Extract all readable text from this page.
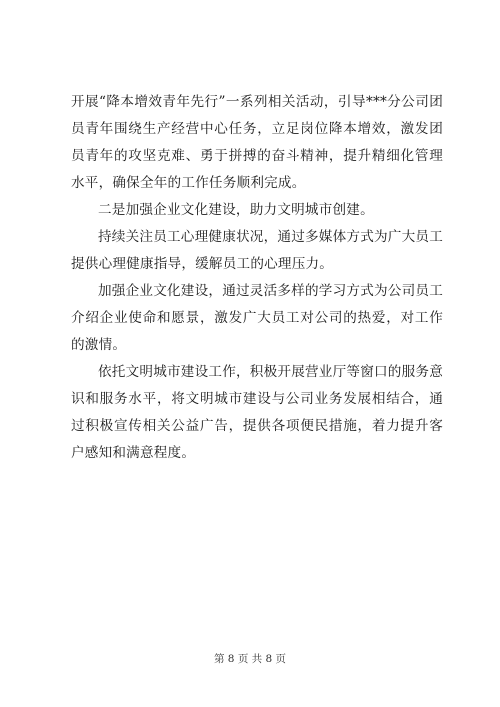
开展“降本增效青年先行”一系列相关活动，引导***分公司团员青年围绕生产经营中心任务，立足岗位降本增效，激发团员青年的攻坚克难、勇于拼搏的奋斗精神，提升精细化管理水平，确保全年的工作任务顺利完成。

二是加强企业文化建设，助力文明城市创建。

持续关注员工心理健康状况，通过多媒体方式为广大员工提供心理健康指导，缓解员工的心理压力。

加强企业文化建设，通过灵活多样的学习方式为公司员工介绍企业使命和愿景，激发广大员工对公司的热爱，对工作的激情。

依托文明城市建设工作，积极开展营业厅等窗口的服务意识和服务水平，将文明城市建设与公司业务发展相结合，通过积极宣传相关公益广告，提供各项便民措施，着力提升客户感知和满意程度。

第 8 页 共 8 页
